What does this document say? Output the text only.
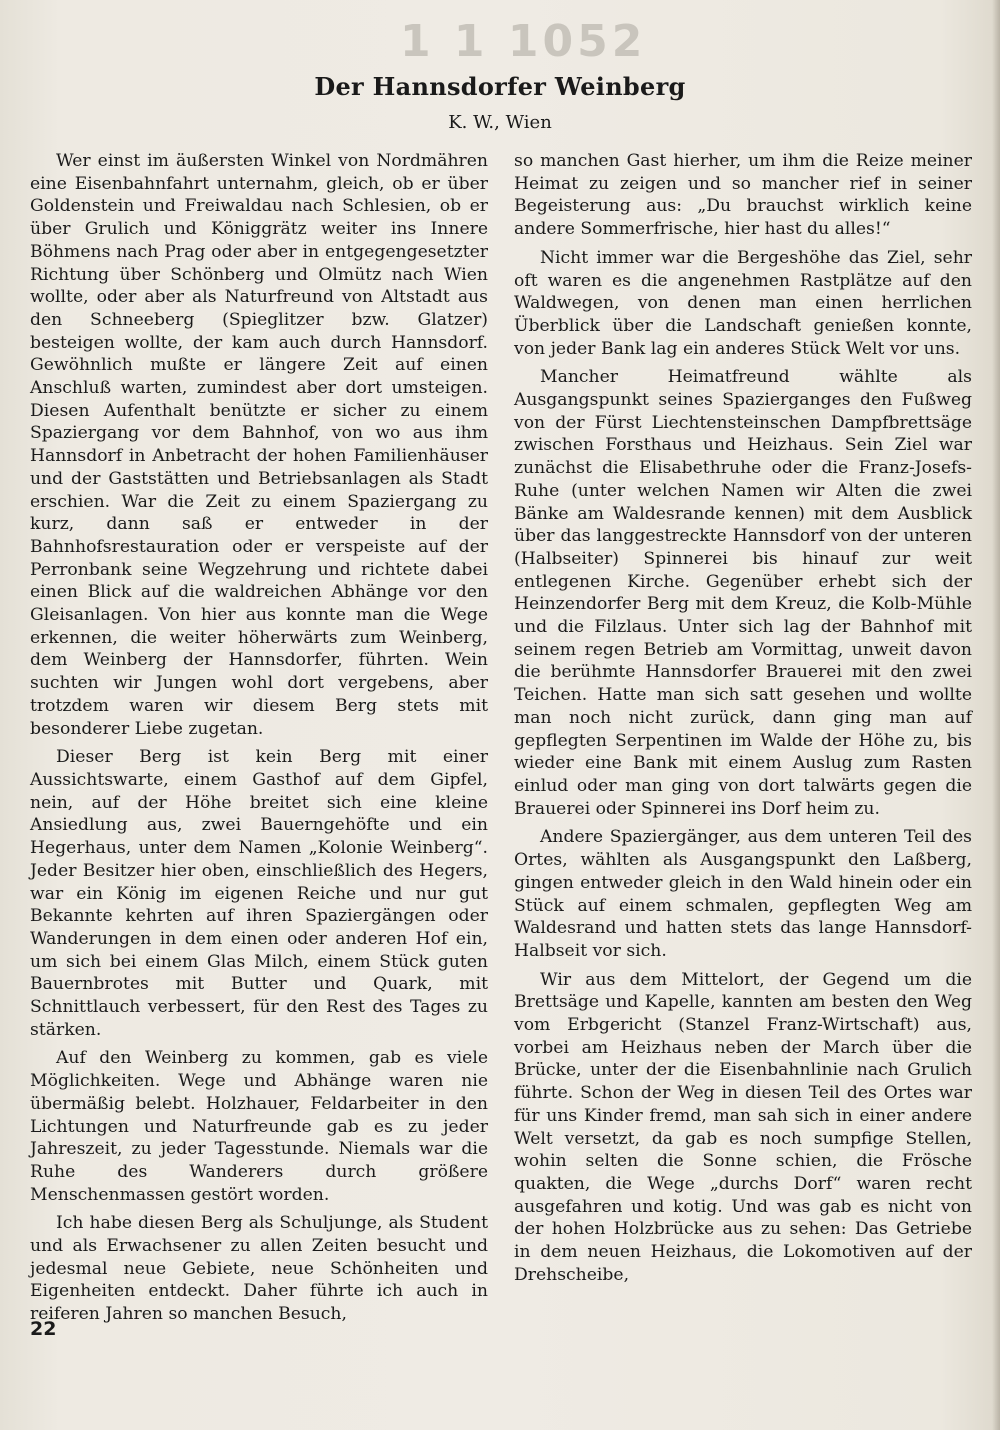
1 1 1052
Der Hannsdorfer Weinberg
K. W., Wien

Wer einst im äußersten Winkel von Nordmähren eine Eisenbahnfahrt unternahm, gleich, ob er über Goldenstein und Freiwaldau nach Schlesien, ob er über Grulich und Königgrätz weiter ins Innere Böhmens nach Prag oder aber in entgegengesetzter Richtung über Schönberg und Olmütz nach Wien wollte, oder aber als Naturfreund von Altstadt aus den Schneeberg (Spieglitzer bzw. Glatzer) besteigen wollte, der kam auch durch Hannsdorf. Gewöhnlich mußte er längere Zeit auf einen Anschluß warten, zumindest aber dort umsteigen. Diesen Aufenthalt benützte er sicher zu einem Spaziergang vor dem Bahnhof, von wo aus ihm Hannsdorf in Anbetracht der hohen Familienhäuser und der Gaststätten und Betriebsanlagen als Stadt erschien. War die Zeit zu einem Spaziergang zu kurz, dann saß er entweder in der Bahnhofsrestauration oder er verspeiste auf der Perronbank seine Wegzehrung und richtete dabei einen Blick auf die waldreichen Abhänge vor den Gleisanlagen. Von hier aus konnte man die Wege erkennen, die weiter höherwärts zum Weinberg, dem Weinberg der Hannsdorfer, führten. Wein suchten wir Jungen wohl dort vergebens, aber trotzdem waren wir diesem Berg stets mit besonderer Liebe zugetan.

Dieser Berg ist kein Berg mit einer Aussichtswarte, einem Gasthof auf dem Gipfel, nein, auf der Höhe breitet sich eine kleine Ansiedlung aus, zwei Bauerngehöfte und ein Hegerhaus, unter dem Namen „Kolonie Weinberg“. Jeder Besitzer hier oben, einschließlich des Hegers, war ein König im eigenen Reiche und nur gut Bekannte kehrten auf ihren Spaziergängen oder Wanderungen in dem einen oder anderen Hof ein, um sich bei einem Glas Milch, einem Stück guten Bauernbrotes mit Butter und Quark, mit Schnittlauch verbessert, für den Rest des Tages zu stärken.

Auf den Weinberg zu kommen, gab es viele Möglichkeiten. Wege und Abhänge waren nie übermäßig belebt. Holzhauer, Feldarbeiter in den Lichtungen und Naturfreunde gab es zu jeder Jahreszeit, zu jeder Tagesstunde. Niemals war die Ruhe des Wanderers durch größere Menschenmassen gestört worden.

Ich habe diesen Berg als Schuljunge, als Student und als Erwachsener zu allen Zeiten besucht und jedesmal neue Gebiete, neue Schönheiten und Eigenheiten entdeckt. Daher führte ich auch in reiferen Jahren so manchen Besuch,

so manchen Gast hierher, um ihm die Reize meiner Heimat zu zeigen und so mancher rief in seiner Begeisterung aus: „Du brauchst wirklich keine andere Sommerfrische, hier hast du alles!“

Nicht immer war die Bergeshöhe das Ziel, sehr oft waren es die angenehmen Rastplätze auf den Waldwegen, von denen man einen herrlichen Überblick über die Landschaft genießen konnte, von jeder Bank lag ein anderes Stück Welt vor uns.

Mancher Heimatfreund wählte als Ausgangspunkt seines Spazierganges den Fußweg von der Fürst Liechtensteinschen Dampfbrettsäge zwischen Forsthaus und Heizhaus. Sein Ziel war zunächst die Elisabethruhe oder die Franz-Josefs-Ruhe (unter welchen Namen wir Alten die zwei Bänke am Waldesrande kennen) mit dem Ausblick über das langgestreckte Hannsdorf von der unteren (Halbseiter) Spinnerei bis hinauf zur weit entlegenen Kirche. Gegenüber erhebt sich der Heinzendorfer Berg mit dem Kreuz, die Kolb-Mühle und die Filzlaus. Unter sich lag der Bahnhof mit seinem regen Betrieb am Vormittag, unweit davon die berühmte Hannsdorfer Brauerei mit den zwei Teichen. Hatte man sich satt gesehen und wollte man noch nicht zurück, dann ging man auf gepflegten Serpentinen im Walde der Höhe zu, bis wieder eine Bank mit einem Auslug zum Rasten einlud oder man ging von dort talwärts gegen die Brauerei oder Spinnerei ins Dorf heim zu.

Andere Spaziergänger, aus dem unteren Teil des Ortes, wählten als Ausgangspunkt den Laßberg, gingen entweder gleich in den Wald hinein oder ein Stück auf einem schmalen, gepflegten Weg am Waldesrand und hatten stets das lange Hannsdorf-Halbseit vor sich.

Wir aus dem Mittelort, der Gegend um die Brettsäge und Kapelle, kannten am besten den Weg vom Erbgericht (Stanzel Franz-Wirtschaft) aus, vorbei am Heizhaus neben der March über die Brücke, unter der die Eisenbahnlinie nach Grulich führte. Schon der Weg in diesen Teil des Ortes war für uns Kinder fremd, man sah sich in einer andere Welt versetzt, da gab es noch sumpfige Stellen, wohin selten die Sonne schien, die Frösche quakten, die Wege „durchs Dorf“ waren recht ausgefahren und kotig. Und was gab es nicht von der hohen Holzbrücke aus zu sehen: Das Getriebe in dem neuen Heizhaus, die Lokomotiven auf der Drehscheibe,

22
